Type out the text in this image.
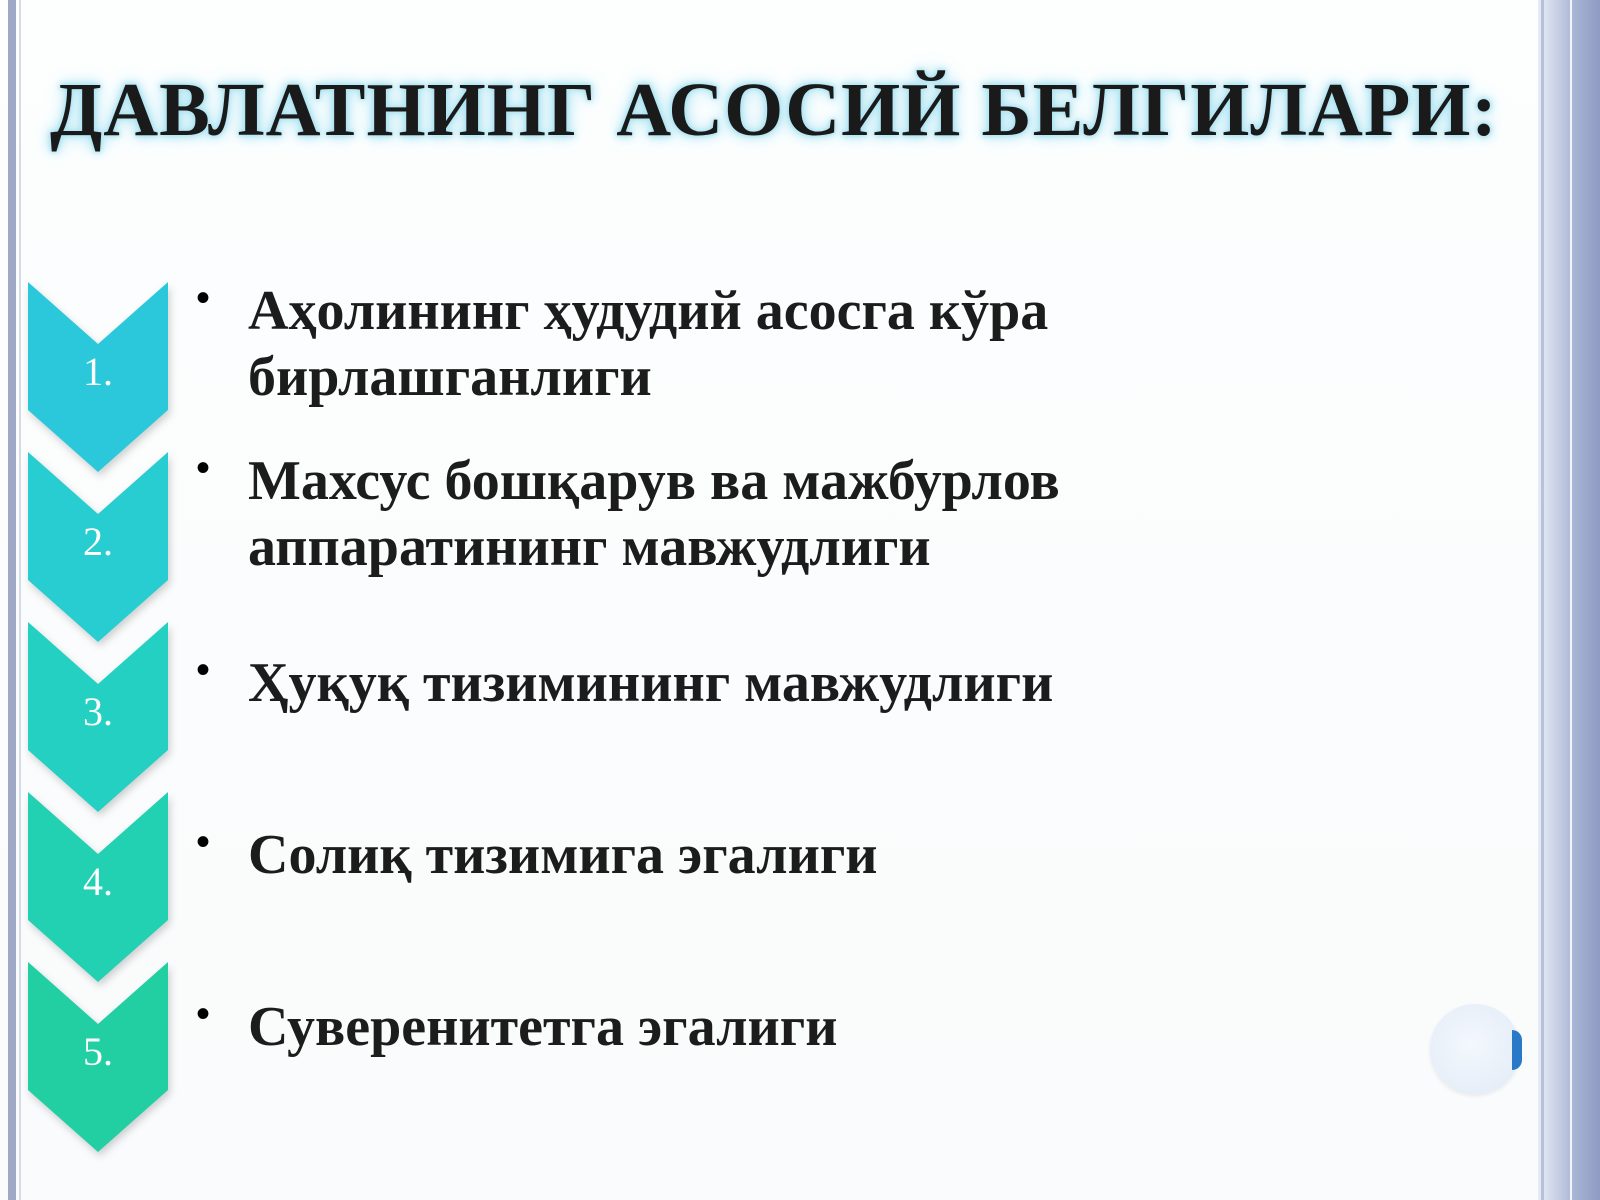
ДАВЛАТНИНГ АСОСИЙ БЕЛГИЛАРИ:
1.
2.
3.
4.
5.
• Аҳолининг ҳудудий асосга кўра
бирлашганлиги
• Махсус бошқарув ва мажбурлов
аппаратининг мавжудлиги
• Ҳуқуқ тизимининг мавжудлиги
• Солиқ тизимига эгалиги
• Суверенитетга эгалиги
